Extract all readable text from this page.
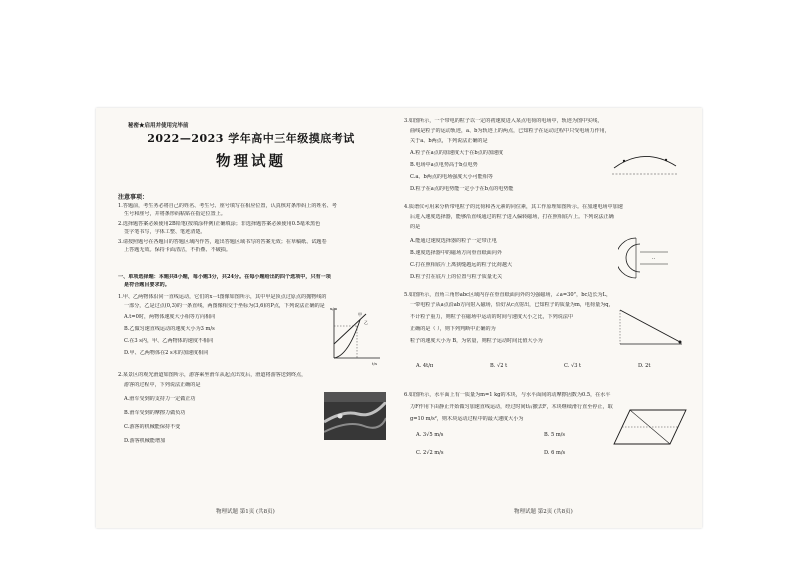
秘密★启用并使用完毕前
2022—2023 学年高中三年级摸底考试
物理试题
注意事项：
1.答题前，考生务必将自己的姓名、考生号、座号填写在相应位置，认真核对条形码上的姓名、考
生号和座号，并将条形码粘贴在指定位置上。
2.选择题答案必须使用2B铅笔(按填涂样例)正确填涂；非选择题答案必须使用0.5毫米黑色
签字笔书写，字体工整、笔迹清楚。
3.请按照题号在各题目的答题区域内作答，超出答题区域书写的答案无效；在草稿纸、试题卷
上答题无效。保持卡面清洁，不折叠、不破损。
一、单项选择题：本题共8小题，每小题3分，共24分。在每小题给出的四个选项中，只有一项
是符合题目要求的。
1.甲、乙两物体沿同一直线运动，它们的x－t图像如图所示，其中甲是顶点过原点的抛物线的
一部分，乙是过点(0,3)的一条直线，两图像相交于坐标为(3,6)的P点，下列说法正确的是
A.t=0时，两物体速度大小相等方向相同
B.乙做匀速直线运动的速度大小为3 m/s
C.在3 s内，甲、乙两物体的速度不相同
D.甲、乙两物体在2 s末的加速度相同
x/m
甲
乙
t/s
2.某景区的观光滑道如图所示，游客乘坐滑车从起点出发后，滑道将游客送到终点，
游客的过程中，下列说法正确的是
A.滑车受到的支持力一定做正功
B.滑车受到的摩擦力做负功
C.游客的机械能保持不变
D.游客机械能增加
物理试题 第1页 (共8页)
3.如图所示，一个带电的粒子以一定的初速度进入某点电荷的电场中，轨迹为图中实线，
曲线是粒子的运动轨迹，a、b为轨迹上的两点，已知粒子在运动过程中只受电场力作用，
关于a、b两点，下列说法正确的是
A.粒子在a点的加速度大于在b点的加速度
B.电场中a点电势高于b点电势
C.a、b两点的电场强度大小可能相等
D.粒子在a点的电势能一定小于在b点的电势能
4.质谱仪可用来分析带电粒子的比荷和各元素的同位素，其工作原理如图所示。在加速电场中加速
后进入速度选择器，能够沿直线通过的粒子进入偏转磁场，打在照相底片上。下列说法正确
的是
A.能通过速度选择器的粒子一定带正电
B.速度选择器中的磁场方向垂直纸面向外
C.打在照相底片上离狭缝越远的粒子比荷越大
D.粒子打在底片上的位置与粒子质量无关
··
5.如图所示，直角三角形abc区域内存在垂直纸面向外的匀强磁场，∠a=30°，bc边长为L，
一带电粒子从a点沿ab方向射入磁场，恰好从c点射出，已知粒子的质量为m，电荷量为q，
不计粒子重力，则粒子在磁场中运动的时间与速度大小之比，下列说法中
正确的是（ ），则下列判断中正确的为
粒子的速度大小为 B，为常量，则粒子运动时间比值大小为
A. 4t/π	B. √2 t	C. √3 t	D. 2t
6.如图所示，水平面上有一质量为m=1 kg的木块，与水平面间的动摩擦因数为0.5，在水平
力F作用下由静止开始做匀加速直线运动，经过时间t后撤去F，木块继续滑行直至停止，取
g=10 m/s²，则木块运动过程中的最大速度大小为
A. 3√5 m/s	B. 5 m/s
C. 2√2 m/s	D. 6 m/s
物理试题 第2页 (共8页)
